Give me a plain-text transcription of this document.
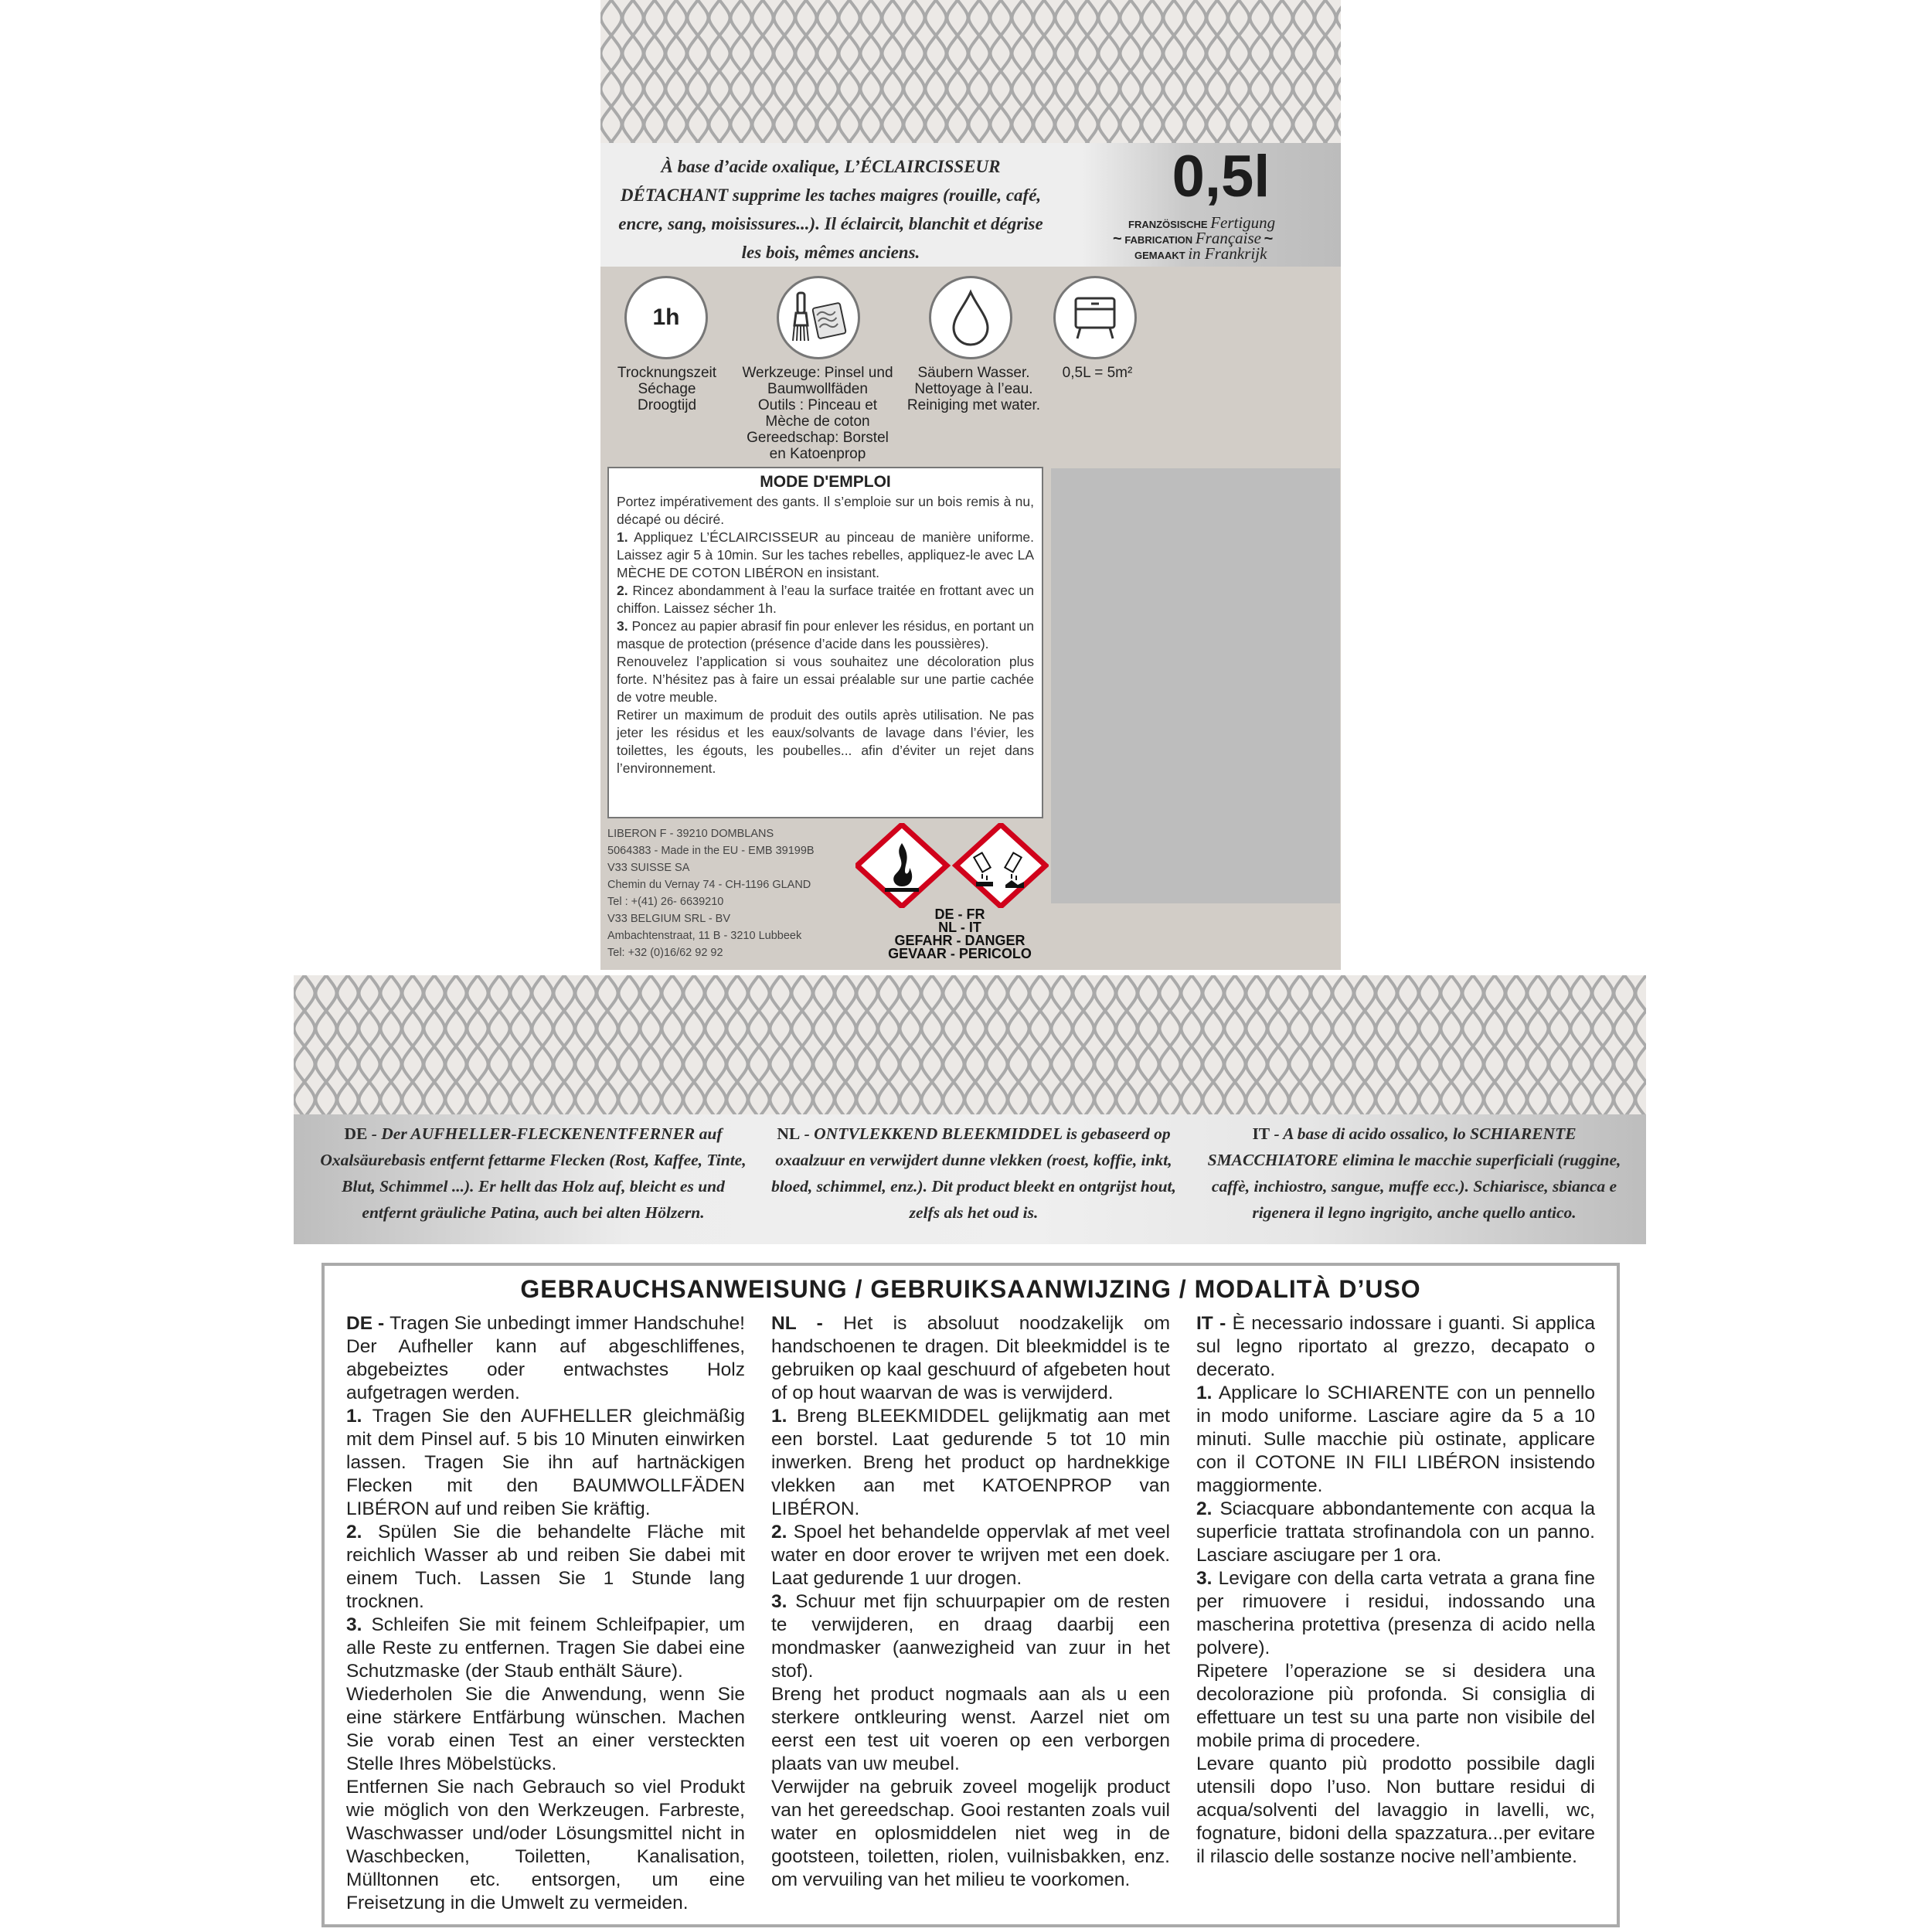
À base d’acide oxalique, L’ÉCLAIRCISSEUR DÉTACHANT supprime les taches maigres (rouille, café, encre, sang, moisissures...). Il éclaircit, blanchit et dégrise les bois, mêmes anciens.
0,5l
FRANZÖSISCHE Fertigung
~ FABRICATION Française ~
GEMAAKT in Frankrijk
1h
Trocknungszeit
Séchage
Droogtijd
Werkzeuge: Pinsel und
Baumwollfäden
Outils : Pinceau et
Mèche de coton
Gereedschap: Borstel
en Katoenprop
Säubern Wasser.
Nettoyage à l’eau.
Reiniging met water.
0,5L = 5m²
MODE D'EMPLOI

Portez impérativement des gants. Il s’emploie sur un bois remis à nu, décapé ou déciré.

1. Appliquez L’ÉCLAIRCISSEUR au pinceau de manière uniforme. Laissez agir 5 à 10min. Sur les taches rebelles, appliquez-le avec LA MÈCHE DE COTON LIBÉRON en insistant.

2. Rincez abondamment à l’eau la surface traitée en frottant avec un chiffon. Laissez sécher 1h.

3. Poncez au papier abrasif fin pour enlever les résidus, en portant un masque de protection (présence d’acide dans les poussières).

Renouvelez l’application si vous souhaitez une décoloration plus forte. N’hésitez pas à faire un essai préalable sur une partie cachée de votre meuble.

Retirer un maximum de produit des outils après utilisation. Ne pas jeter les résidus et les eaux/solvants de lavage dans l’évier, les toilettes, les égouts, les poubelles... afin d’éviter un rejet dans l’environnement.

LIBERON F - 39210 DOMBLANS
5064383 - Made in the EU - EMB 39199B
V33 SUISSE SA
Chemin du Vernay 74 - CH-1196 GLAND
Tel : +(41) 26- 6639210
V33 BELGIUM SRL - BV
Ambachtenstraat, 11 B - 3210 Lubbeek
Tel: +32 (0)16/62 92 92
DE - FR
NL - IT
GEFAHR - DANGER
GEVAAR - PERICOLO
DE - Der AUFHELLER-FLECKENENTFERNER auf Oxalsäurebasis entfernt fettarme Flecken (Rost, Kaffee, Tinte, Blut, Schimmel ...). Er hellt das Holz auf, bleicht es und entfernt gräuliche Patina, auch bei alten Hölzern.
NL - ONTVLEKKEND BLEEKMIDDEL is gebaseerd op oxaalzuur en verwijdert dunne vlekken (roest, koffie, inkt, bloed, schimmel, enz.). Dit product bleekt en ontgrijst hout, zelfs als het oud is.
IT - A base di acido ossalico, lo SCHIARENTE SMACCHIATORE elimina le macchie superficiali (ruggine, caffè, inchiostro, sangue, muffe ecc.). Schiarisce, sbianca e rigenera il legno ingrigito, anche quello antico.
GEBRAUCHSANWEISUNG / GEBRUIKSAANWIJZING / MODALITÀ D’USO

DE - Tragen Sie unbedingt immer Handschuhe! Der Aufheller kann auf abgeschliffenes, abgebeiztes oder entwachstes Holz aufgetragen werden.

1. Tragen Sie den AUFHELLER gleichmäßig mit dem Pinsel auf. 5 bis 10 Minuten einwirken lassen. Tragen Sie ihn auf hartnäckigen Flecken mit den BAUMWOLLFÄDEN LIBÉRON auf und reiben Sie kräftig.

2. Spülen Sie die behandelte Fläche mit reichlich Wasser ab und reiben Sie dabei mit einem Tuch. Lassen Sie 1 Stunde lang trocknen.

3. Schleifen Sie mit feinem Schleifpapier, um alle Reste zu entfernen. Tragen Sie dabei eine Schutzmaske (der Staub enthält Säure).

Wiederholen Sie die Anwendung, wenn Sie eine stärkere Entfärbung wünschen. Machen Sie vorab einen Test an einer versteckten Stelle Ihres Möbelstücks.

Entfernen Sie nach Gebrauch so viel Produkt wie möglich von den Werkzeugen. Farbreste, Waschwasser und/oder Lösungsmittel nicht in Waschbecken, Toiletten, Kanalisation, Mülltonnen etc. entsorgen, um eine Freisetzung in die Umwelt zu vermeiden.

NL - Het is absoluut noodzakelijk om handschoenen te dragen. Dit bleekmiddel is te gebruiken op kaal geschuurd of afgebeten hout of op hout waarvan de was is verwijderd.

1. Breng BLEEKMIDDEL gelijkmatig aan met een borstel. Laat gedurende 5 tot 10 min inwerken. Breng het product op hardnekkige vlekken aan met KATOENPROP van LIBÉRON.

2. Spoel het behandelde oppervlak af met veel water en door erover te wrijven met een doek. Laat gedurende 1 uur drogen.

3. Schuur met fijn schuurpapier om de resten te verwijderen, en draag daarbij een mondmasker (aanwezigheid van zuur in het stof).

Breng het product nogmaals aan als u een sterkere ontkleuring wenst. Aarzel niet om eerst een test uit voeren op een verborgen plaats van uw meubel.

Verwijder na gebruik zoveel mogelijk product van het gereedschap. Gooi restanten zoals vuil water en oplosmiddelen niet weg in de gootsteen, toiletten, riolen, vuilnisbakken, enz. om vervuiling van het milieu te voorkomen.

IT - È necessario indossare i guanti. Si applica sul legno riportato al grezzo, decapato o decerato.

1. Applicare lo SCHIARENTE con un pennello in modo uniforme. Lasciare agire da 5 a 10 minuti. Sulle macchie più ostinate, applicare con il COTONE IN FILI LIBÉRON insistendo maggiormente.

2. Sciacquare abbondantemente con acqua la superficie trattata strofinandola con un panno. Lasciare asciugare per 1 ora.

3. Levigare con della carta vetrata a grana fine per rimuovere i residui, indossando una mascherina protettiva (presenza di acido nella polvere).

Ripetere l’operazione se si desidera una decolorazione più profonda. Si consiglia di effettuare un test su una parte non visibile del mobile prima di procedere.

Levare quanto più prodotto possibile dagli utensili dopo l’uso. Non buttare residui di acqua/solventi del lavaggio in lavelli, wc, fognature, bidoni della spazzatura...per evitare il rilascio delle sostanze nocive nell’ambiente.
